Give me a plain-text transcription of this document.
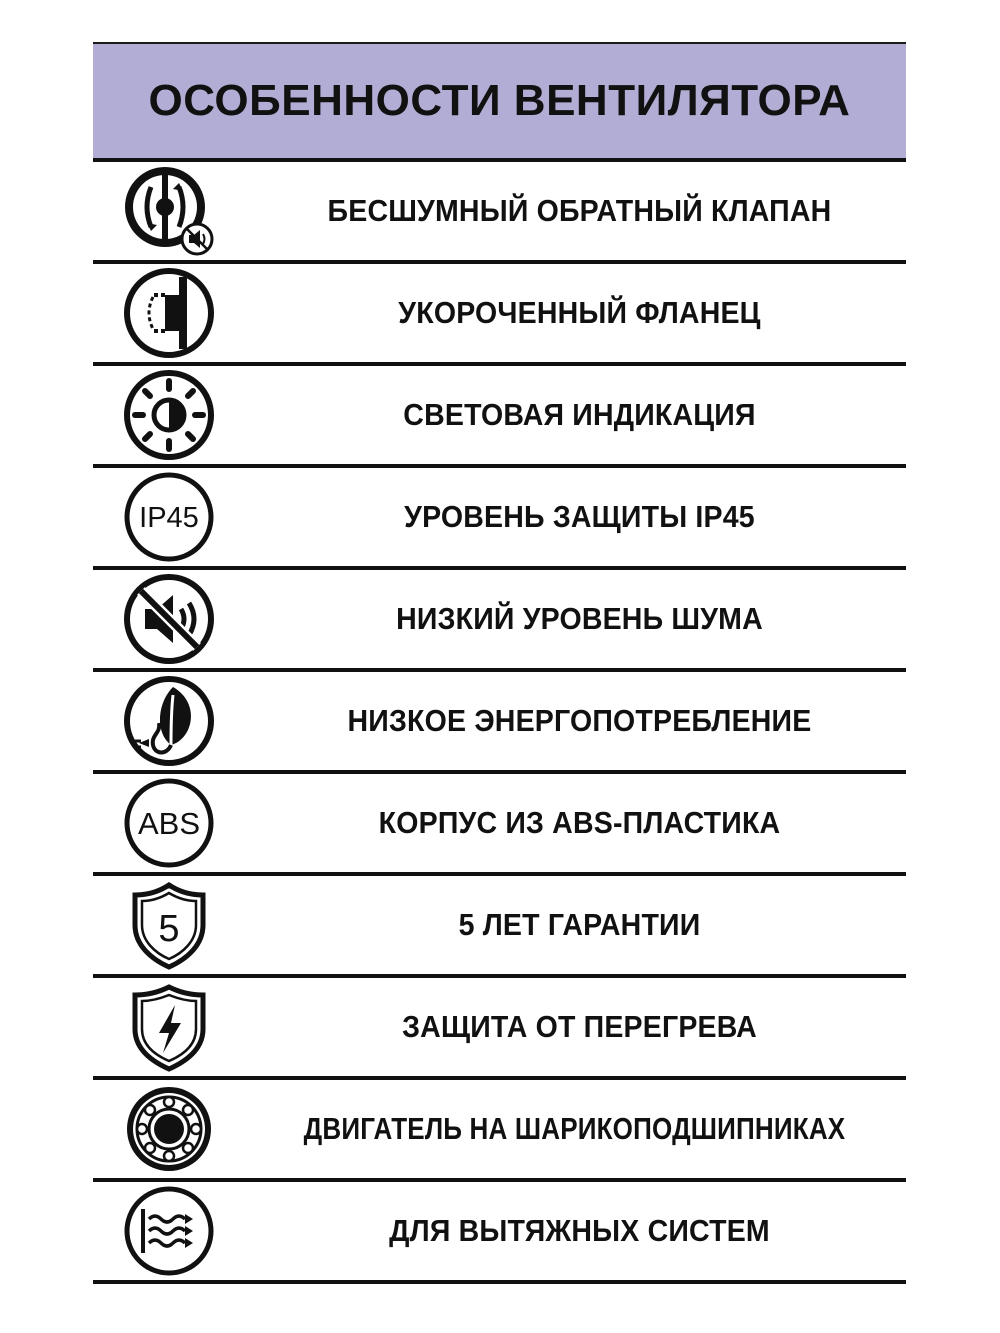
ОСОБЕННОСТИ ВЕНТИЛЯТОРА
БЕСШУМНЫЙ ОБРАТНЫЙ КЛАПАН
УКОРОЧЕННЫЙ ФЛАНЕЦ
СВЕТОВАЯ ИНДИКАЦИЯ
IP45	УРОВЕНЬ ЗАЩИТЫ IP45
НИЗКИЙ УРОВЕНЬ ШУМА
НИЗКОЕ ЭНЕРГОПОТРЕБЛЕНИЕ
ABS	КОРПУС ИЗ ABS-ПЛАСТИКА
5	5 ЛЕТ ГАРАНТИИ
ЗАЩИТА ОТ ПЕРЕГРЕВА
ДВИГАТЕЛЬ НА ШАРИКОПОДШИПНИКАХ
ДЛЯ ВЫТЯЖНЫХ СИСТЕМ
